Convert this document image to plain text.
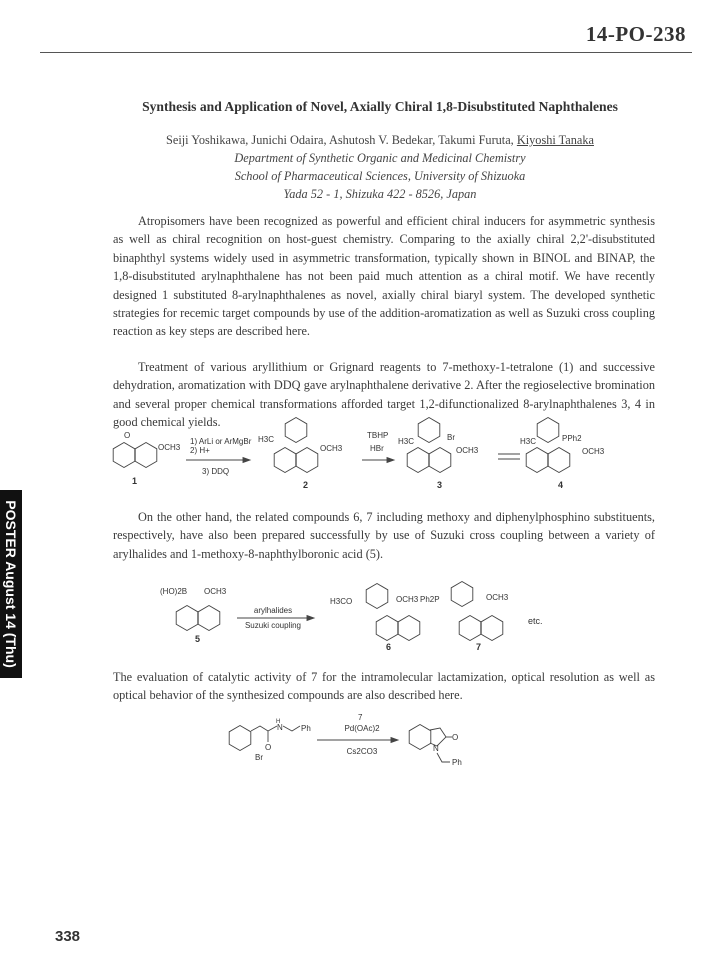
14-PO-238
POSTER August 14 (Thu)
Synthesis and Application of Novel, Axially Chiral 1,8-Disubstituted Naphthalenes
Seiji Yoshikawa, Junichi Odaira, Ashutosh V. Bedekar, Takumi Furuta, Kiyoshi Tanaka
Department of Synthetic Organic and Medicinal Chemistry
School of Pharmaceutical Sciences, University of Shizuoka
Yada 52 - 1, Shizuka 422 - 8526, Japan

Atropisomers have been recognized as powerful and efficient chiral inducers for asymmetric synthesis as well as chiral recognition on host-guest chemistry. Comparing to the axially chiral 2,2'-disubstituted binaphthyl systems widely used in asymmetric transformation, typically shown in BINOL and BINAP, the 1,8-disubstituted arylnaphthalene has not been paid much attention as a chiral motif. We have recently designed 1 substituted 8-arylnaphthalenes as novel, axially chiral biaryl system. The developed synthetic strategies for recemic target compounds by use of the addition-aromatization as well as Suzuki cross coupling reaction as key steps are described here.

Treatment of various aryllithium or Grignard reagents to 7-methoxy-1-tetralone (1) and successive dehydration, aromatization with DDQ gave arylnaphthalene derivative 2. After the regioselective bromination and several proper chemical transformations afforded target 1,2-difunctionalized 8-arylnaphthalenes 3, 4 in good chemical yields.

On the other hand, the related compounds 6, 7 including methoxy and diphenylphosphino substituents, respectively, have also been prepared successfully by use of Suzuki cross coupling between a variety of arylhalides and 1-methoxy-8-naphthylboronic acid (5).

The evaluation of catalytic activity of 7 for the intramolecular lactamization, optical resolution as well as optical behavior of the synthesized compounds are also described here.

O
OCH3
1
1) ArLi or ArMgBr
2) H+
3) DDQ
H3C
OCH3
2
TBHP
HBr
H3C	Br
OCH3
3
H3C	PPh2
OCH3
4
(HO)2B OCH3
5
arylhalides
Suzuki coupling
H3CO	OCH3
6
Ph2P	OCH3
7
etc.
H
N Ph
O
Br
7
Pd(OAc)2
Cs2CO3
O
N
Ph
338
